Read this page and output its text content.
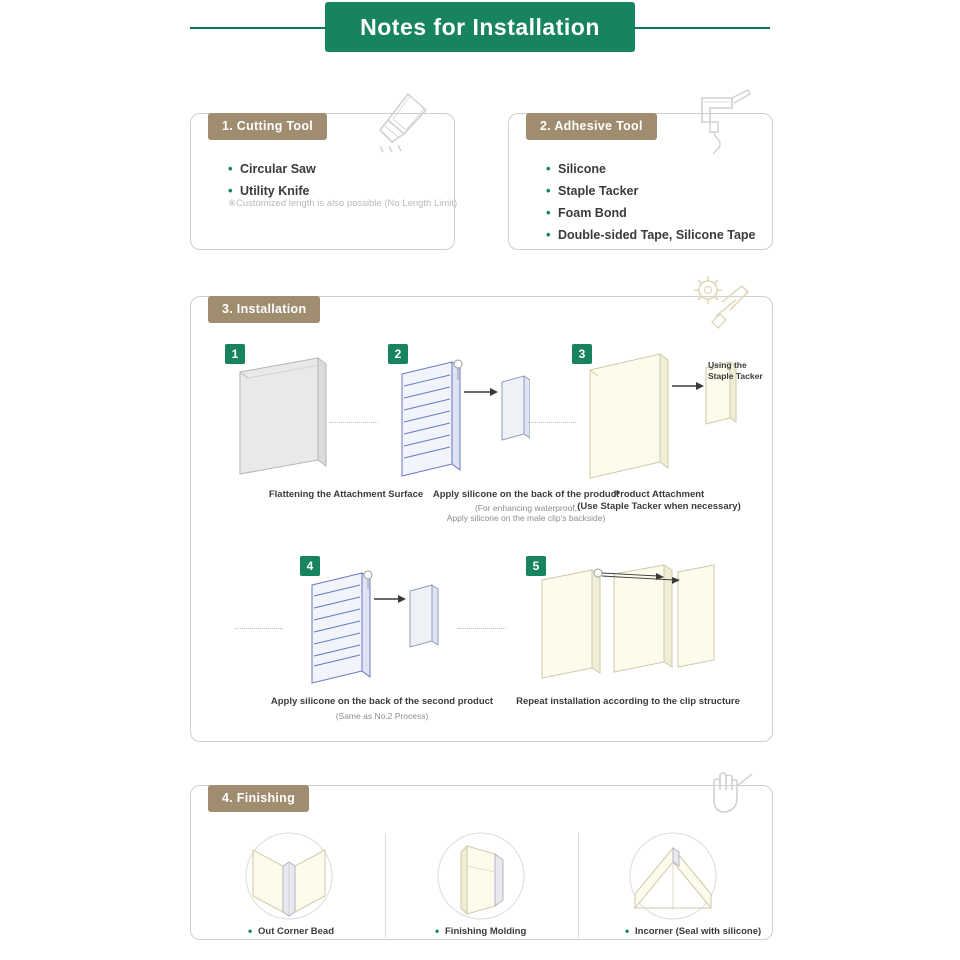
Notes for Installation
1. Cutting Tool
• Circular Saw
• Utility Knife
※Customized length is also possible (No Length Limit)
2. Adhesive Tool
• Silicone
• Staple Tacker
• Foam Bond
• Double-sided Tape, Silicone Tape
3. Installation
1
Flattening the Attachment Surface
2
Apply silicone on the back of the product
(For enhancing waterproof,
Apply silicone on the male clip’s backside)
3
Using the
Staple Tacker
Product Attachment
(Use Staple Tacker when necessary)
4
Apply silicone on the back of the second product
(Same as No.2 Process)
5
Repeat installation according to the clip structure
4. Finishing
• Out Corner Bead	• Finishing Molding	• Incorner (Seal with silicone)
